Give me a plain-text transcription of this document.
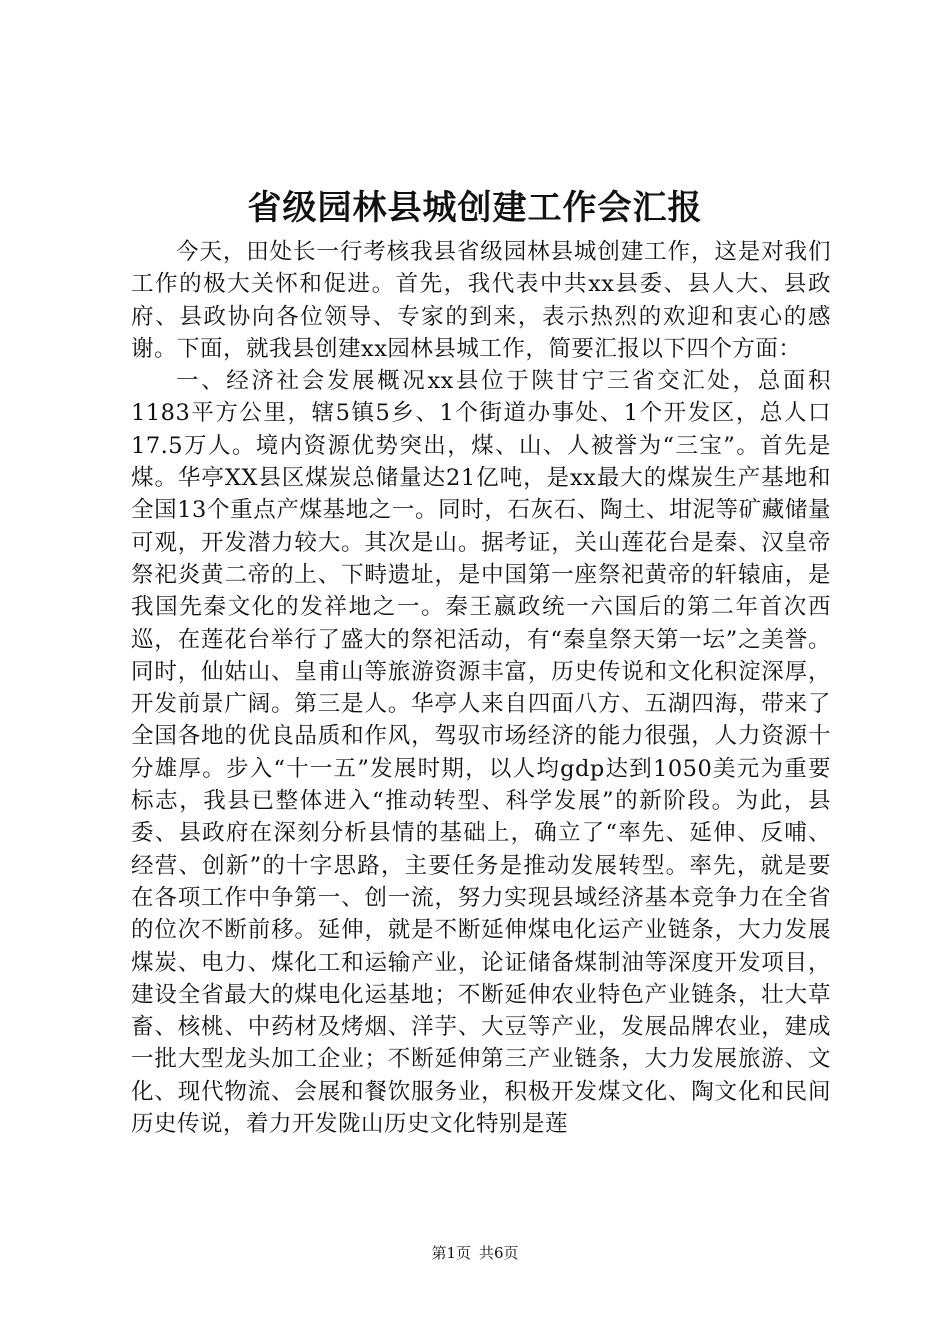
省级园林县城创建工作会汇报

今天，田处长一行考核我县省级园林县城创建工作，这是对我们工作的极大关怀和促进。首先，我代表中共xx县委、县人大、县政府、县政协向各位领导、专家的到来，表示热烈的欢迎和衷心的感谢。下面，就我县创建xx园林县城工作，简要汇报以下四个方面：

一、经济社会发展概况xx县位于陕甘宁三省交汇处，总面积1183平方公里，辖5镇5乡、1个街道办事处、1个开发区，总人口17.5万人。境内资源优势突出，煤、山、人被誉为“三宝”。首先是煤。华亭XX县区煤炭总储量达21亿吨，是xx最大的煤炭生产基地和全国13个重点产煤基地之一。同时，石灰石、陶土、坩泥等矿藏储量可观，开发潜力较大。其次是山。据考证，关山莲花台是秦、汉皇帝祭祀炎黄二帝的上、下畤遗址，是中国第一座祭祀黄帝的轩辕庙，是我国先秦文化的发祥地之一。秦王嬴政统一六国后的第二年首次西巡，在莲花台举行了盛大的祭祀活动，有“秦皇祭天第一坛”之美誉。同时，仙姑山、皇甫山等旅游资源丰富，历史传说和文化积淀深厚，开发前景广阔。第三是人。华亭人来自四面八方、五湖四海，带来了全国各地的优良品质和作风，驾驭市场经济的能力很强，人力资源十分雄厚。步入“十一五”发展时期，以人均gdp达到1050美元为重要标志，我县已整体进入“推动转型、科学发展”的新阶段。为此，县委、县政府在深刻分析县情的基础上，确立了“率先、延伸、反哺、经营、创新”的十字思路，主要任务是推动发展转型。率先，就是要在各项工作中争第一、创一流，努力实现县域经济基本竞争力在全省的位次不断前移。延伸，就是不断延伸煤电化运产业链条，大力发展煤炭、电力、煤化工和运输产业，论证储备煤制油等深度开发项目，建设全省最大的煤电化运基地；不断延伸农业特色产业链条，壮大草畜、核桃、中药材及烤烟、洋芋、大豆等产业，发展品牌农业，建成一批大型龙头加工企业；不断延伸第三产业链条，大力发展旅游、文化、现代物流、会展和餐饮服务业，积极开发煤文化、陶文化和民间历史传说，着力开发陇山历史文化特别是莲

第1页 共6页
